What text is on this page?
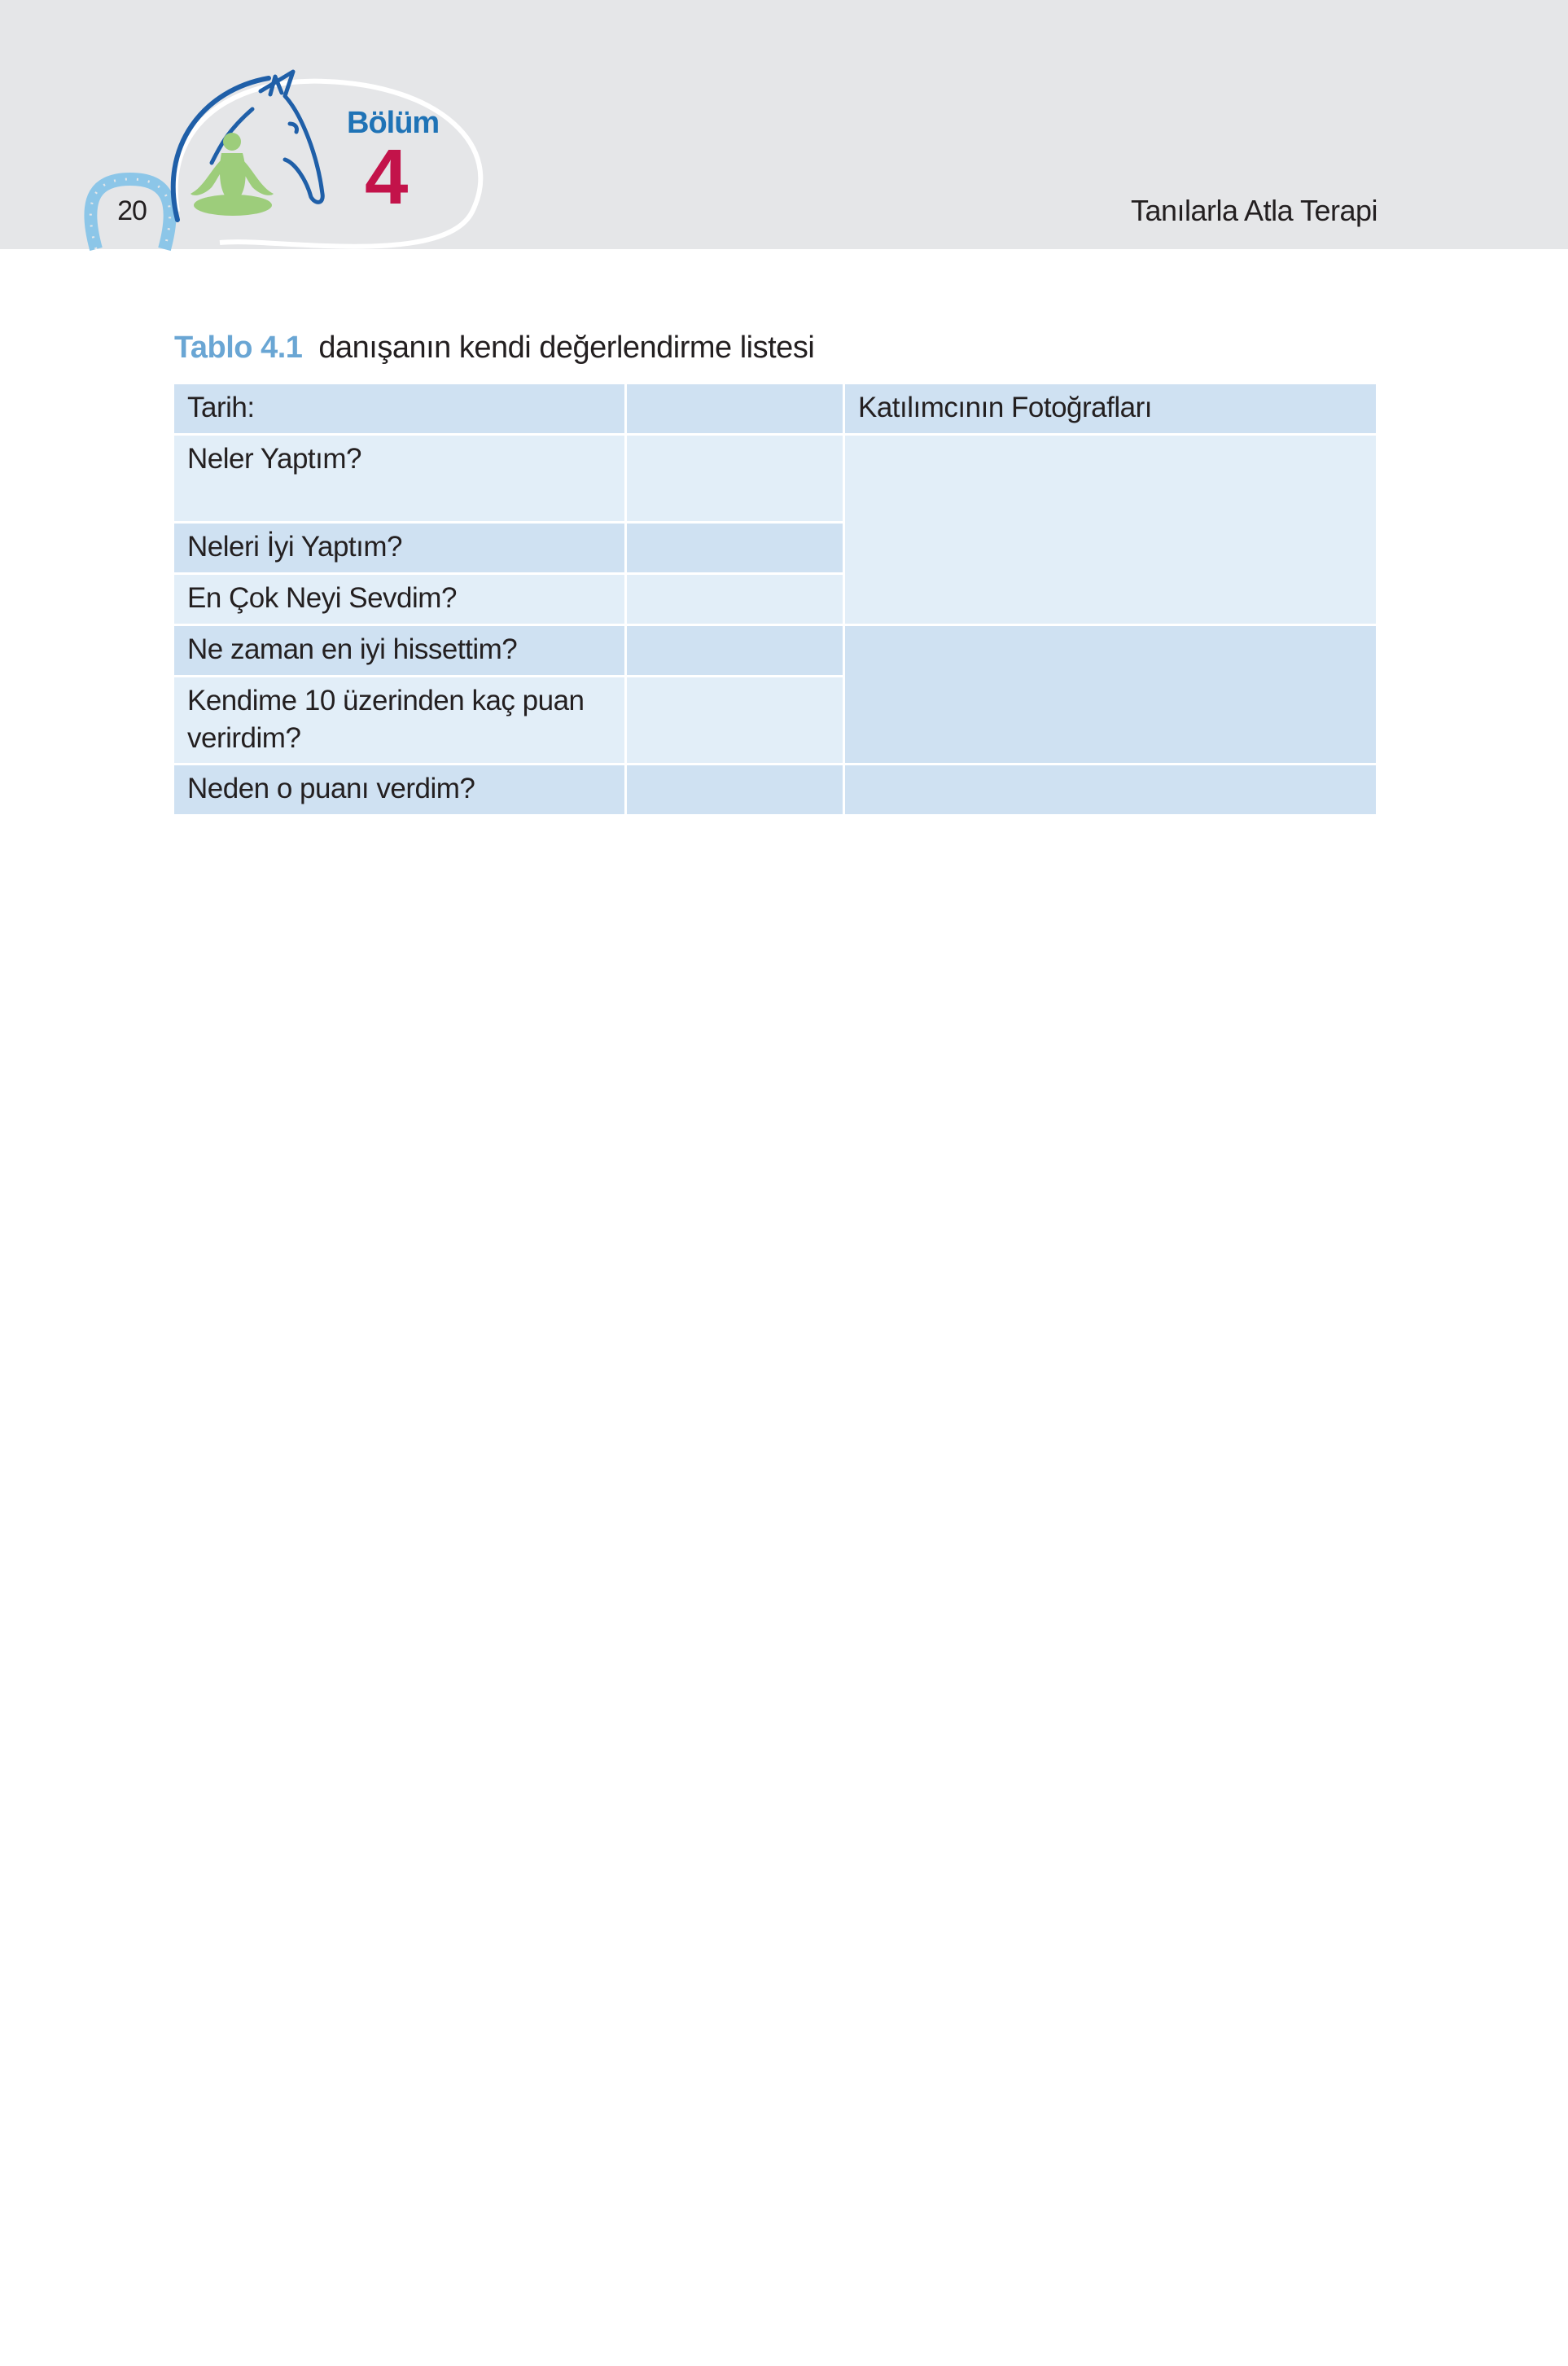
20
Bölüm
4	Tanılarla Atla Terapi
Tablo 4.1 danışanın kendi değerlendirme listesi
Tarih:	Katılımcının Fotoğrafları
Neler Yaptım?
Neleri İyi Yaptım?
En Çok Neyi Sevdim?
Ne zaman en iyi hissettim?
Kendime 10 üzerinden kaç puan verirdim?
Neden o puanı verdim?
